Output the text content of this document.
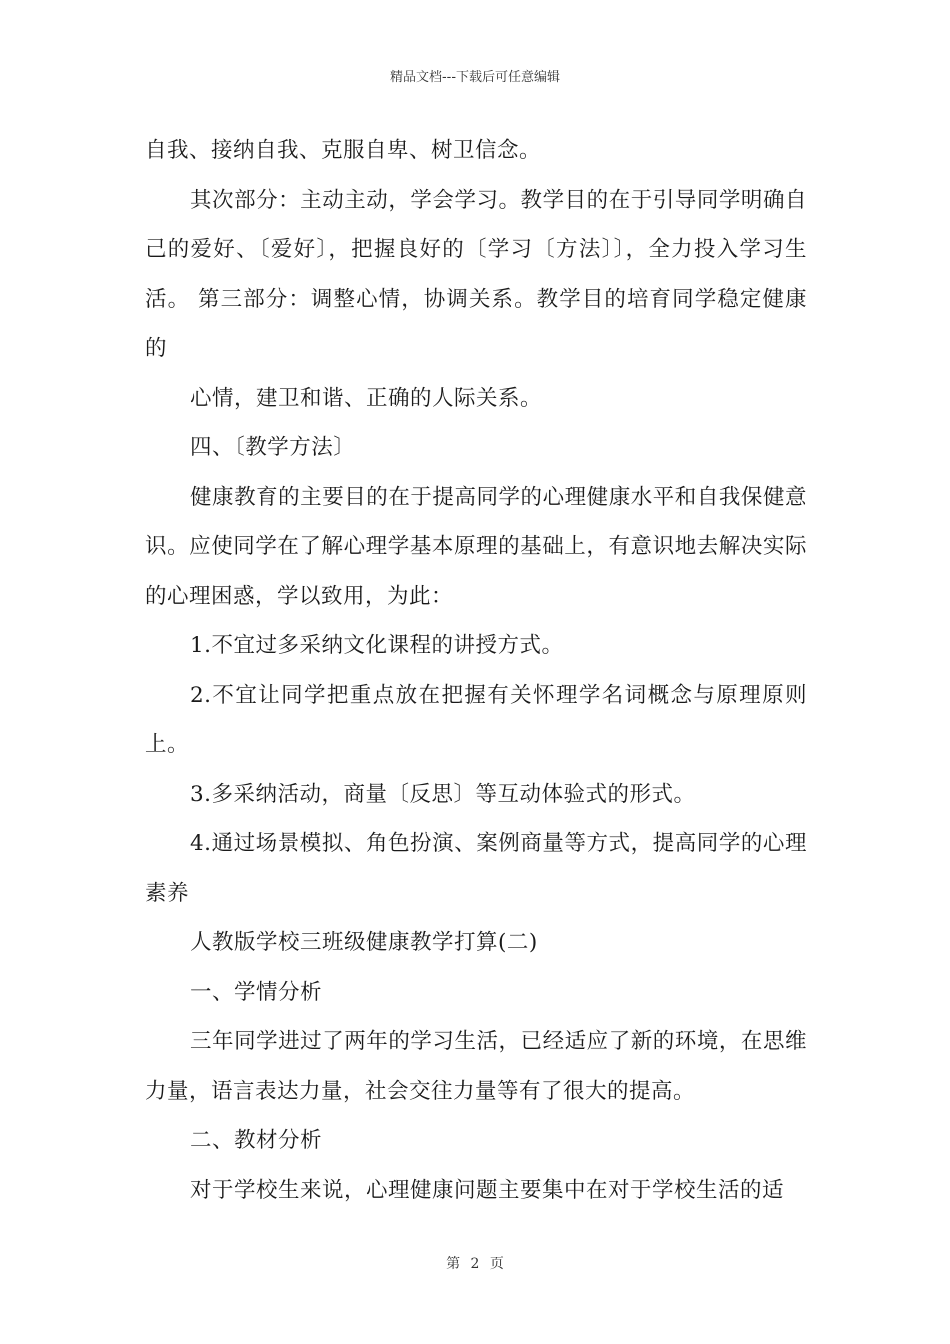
精品文档---下载后可任意编辑

自我、接纳自我、克服自卑、树卫信念。

其次部分：主动主动，学会学习。教学目的在于引导同学明确自己的爱好、〔爱好〕，把握良好的〔学习〔方法〕〕，全力投入学习生活。 第三部分：调整心情，协调关系。教学目的培育同学稳定健康的

心情，建卫和谐、正确的人际关系。

四、〔教学方法〕

健康教育的主要目的在于提高同学的心理健康水平和自我保健意识。应使同学在了解心理学基本原理的基础上，有意识地去解决实际的心理困惑，学以致用，为此：

1.不宜过多采纳文化课程的讲授方式。

2.不宜让同学把重点放在把握有关怀理学名词概念与原理原则上。

3.多采纳活动，商量〔反思〕等互动体验式的形式。

4.通过场景模拟、角色扮演、案例商量等方式，提高同学的心理素养

人教版学校三班级健康教学打算(二)

一、学情分析

三年同学进过了两年的学习生活，已经适应了新的环境，在思维力量，语言表达力量，社会交往力量等有了很大的提高。

二、教材分析

对于学校生来说，心理健康问题主要集中在对于学校生活的适

第 2 页
